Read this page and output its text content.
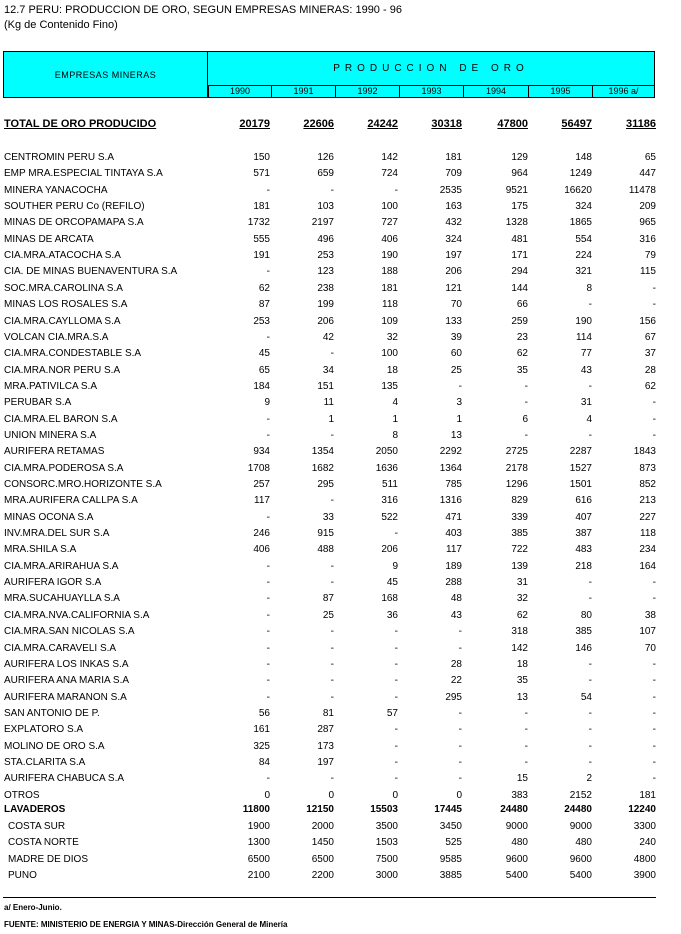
12.7 PERU: PRODUCCION DE ORO, SEGUN EMPRESAS MINERAS: 1990 - 96
(Kg de Contenido Fino)
EMPRESAS MINERAS
PRODUCCION DE ORO
1990	1991	1992	1993	1994	1995	1996 a/
TOTAL DE ORO PRODUCIDO	20179	22606	24242	30318	47800	56497	31186
CENTROMIN PERU S.A	150	126	142	181	129	148	65
EMP MRA.ESPECIAL TINTAYA S.A	571	659	724	709	964	1249	447
MINERA YANACOCHA	-	-	-	2535	9521	16620	11478
SOUTHER PERU Co (REFILO)	181	103	100	163	175	324	209
MINAS DE ORCOPAMAPA S.A	1732	2197	727	432	1328	1865	965
MINAS DE ARCATA	555	496	406	324	481	554	316
CIA.MRA.ATACOCHA S.A	191	253	190	197	171	224	79
CIA. DE MINAS BUENAVENTURA S.A	-	123	188	206	294	321	115
SOC.MRA.CAROLINA S.A	62	238	181	121	144	8	-
MINAS LOS ROSALES S.A	87	199	118	70	66	-	-
CIA.MRA.CAYLLOMA S.A	253	206	109	133	259	190	156
VOLCAN CIA.MRA.S.A	-	42	32	39	23	114	67
CIA.MRA.CONDESTABLE S.A	45	-	100	60	62	77	37
CIA.MRA.NOR PERU S.A	65	34	18	25	35	43	28
MRA.PATIVILCA S.A	184	151	135	-	-	-	62
PERUBAR S.A	9	11	4	3	-	31	-
CIA.MRA.EL BARON S.A	-	1	1	1	6	4	-
UNION MINERA S.A	-	-	8	13	-	-	-
AURIFERA RETAMAS	934	1354	2050	2292	2725	2287	1843
CIA.MRA.PODEROSA S.A	1708	1682	1636	1364	2178	1527	873
CONSORC.MRO.HORIZONTE S.A	257	295	511	785	1296	1501	852
MRA.AURIFERA CALLPA S.A	117	-	316	1316	829	616	213
MINAS OCONA S.A	-	33	522	471	339	407	227
INV.MRA.DEL SUR S.A	246	915	-	403	385	387	118
MRA.SHILA S.A	406	488	206	117	722	483	234
CIA.MRA.ARIRAHUA S.A	-	-	9	189	139	218	164
AURIFERA IGOR S.A	-	-	45	288	31	-	-
MRA.SUCAHUAYLLA S.A	-	87	168	48	32	-	-
CIA.MRA.NVA.CALIFORNIA S.A	-	25	36	43	62	80	38
CIA.MRA.SAN NICOLAS S.A	-	-	-	-	318	385	107
CIA.MRA.CARAVELI S.A	-	-	-	-	142	146	70
AURIFERA LOS INKAS S.A	-	-	-	28	18	-	-
AURIFERA ANA MARIA S.A	-	-	-	22	35	-	-
AURIFERA MARANON S.A	-	-	-	295	13	54	-
SAN ANTONIO DE P.	56	81	57	-	-	-	-
EXPLATORO S.A	161	287	-	-	-	-	-
MOLINO DE ORO S.A	325	173	-	-	-	-	-
STA.CLARITA S.A	84	197	-	-	-	-	-
AURIFERA CHABUCA S.A	-	-	-	-	15	2	-
OTROS	0	0	0	0	383	2152	181
LAVADEROS	11800	12150	15503	17445	24480	24480	12240
COSTA SUR	1900	2000	3500	3450	9000	9000	3300
COSTA NORTE	1300	1450	1503	525	480	480	240
MADRE DE DIOS	6500	6500	7500	9585	9600	9600	4800
PUNO	2100	2200	3000	3885	5400	5400	3900
a/ Enero-Junio.
FUENTE: MINISTERIO DE ENERGIA Y MINAS-Dirección General de Minería
